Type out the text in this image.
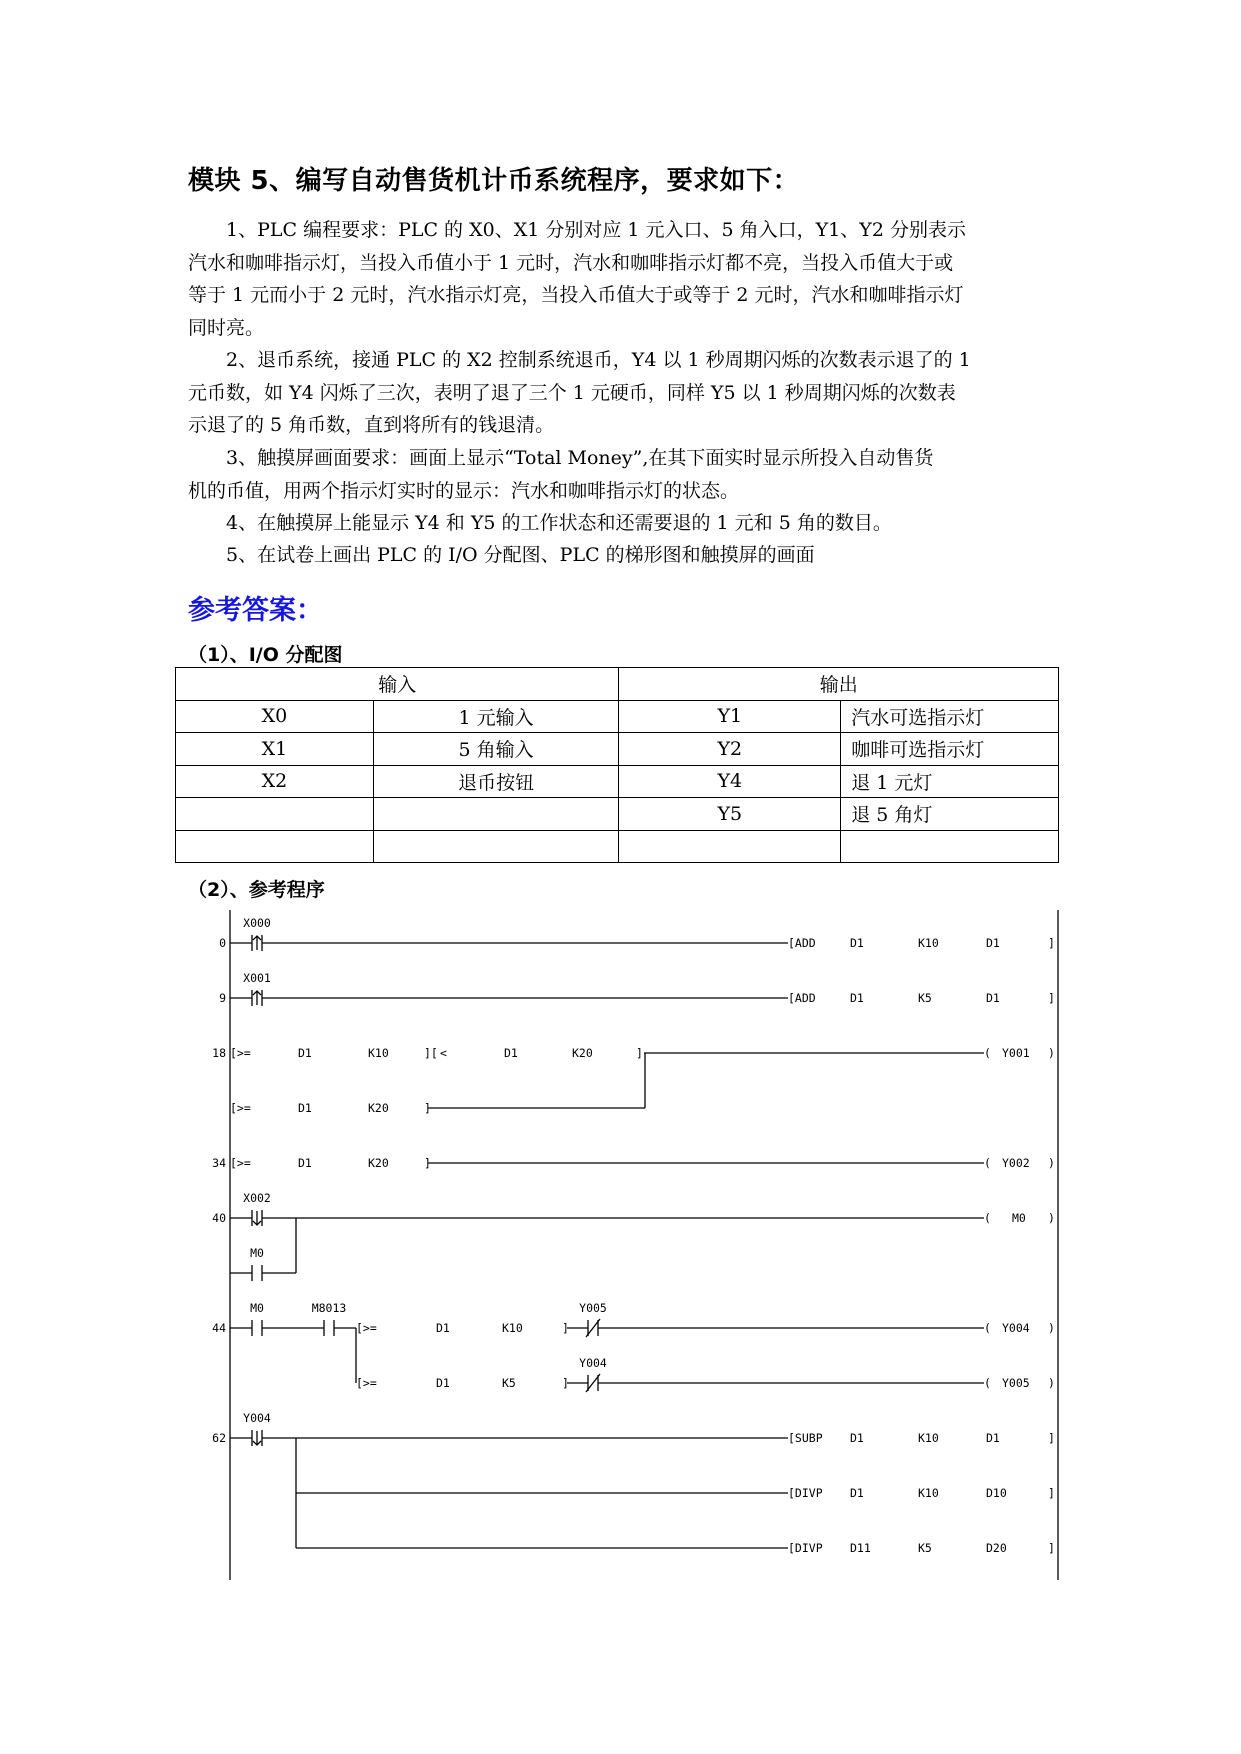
模块 5、编写自动售货机计币系统程序，要求如下：
1、PLC 编程要求：PLC 的 X0、X1 分别对应 1 元入口、5 角入口，Y1、Y2 分别表示
汽水和咖啡指示灯，当投入币值小于 1 元时，汽水和咖啡指示灯都不亮，当投入币值大于或
等于 1 元而小于 2 元时，汽水指示灯亮，当投入币值大于或等于 2 元时，汽水和咖啡指示灯
同时亮。
2、退币系统，接通 PLC 的 X2 控制系统退币，Y4 以 1 秒周期闪烁的次数表示退了的 1
元币数，如 Y4 闪烁了三次，表明了退了三个 1 元硬币，同样 Y5 以 1 秒周期闪烁的次数表
示退了的 5 角币数，直到将所有的钱退清。
3、触摸屏画面要求：画面上显示“Total Money”,在其下面实时显示所投入自动售货
机的币值，用两个指示灯实时的显示：汽水和咖啡指示灯的状态。
4、在触摸屏上能显示 Y4 和 Y5 的工作状态和还需要退的 1 元和 5 角的数目。
5、在试卷上画出 PLC 的 I/O 分配图、PLC 的梯形图和触摸屏的画面
参考答案：
（1）、I/O 分配图
输入		输出	
X0	1 元输入	Y1	汽水可选指示灯
X1	5 角输入	Y2	咖啡可选指示灯
X2	退币按钮	Y4	退 1 元灯
		Y5	退 5 角灯

（2）、参考程序
0
9
18
34
40
44
62
X000
X001
X002
M0
M0	M8013	Y005
Y004
Y004
[>=	D1	K10	][ <	D1	K20	]
[>=	D1	K20	]
[>=	D1	K20	]
[>=	D1	K10	]
[>=	D1	K5	]
[ADD	D1	K10	D1	]
[ADD	D1	K5	D1	]
[SUBP D1	K10	D1	]
[DIVP D1	K10	D10	]
[DIVP D11	K5	D20	]
( Y001 )
( Y002 )
( M0 )
( Y004 )
( Y005 )
